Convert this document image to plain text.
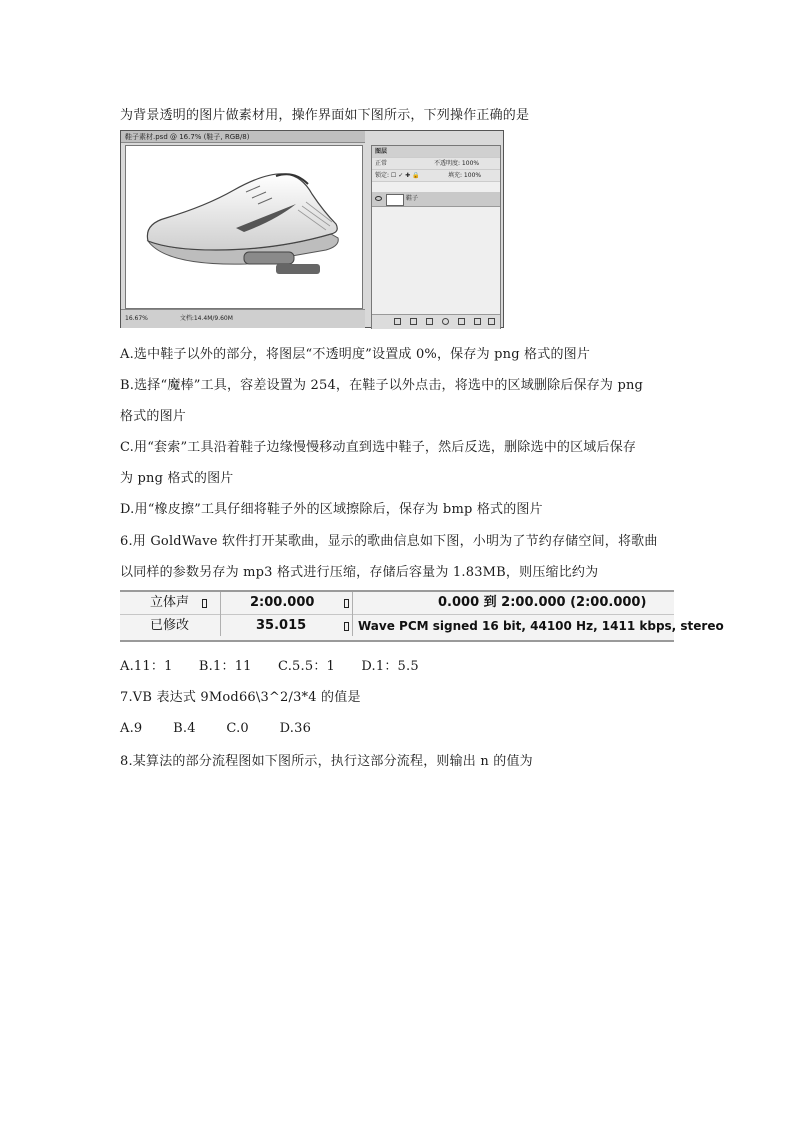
为背景透明的图片做素材用，操作界面如下图所示，下列操作正确的是
鞋子素材.psd @ 16.7% (鞋子, RGB/8)
16.67%	文档:14.4M/9.60M
图层
正常	不透明度: 100%
锁定: ☐ ✓ ✚ 🔒	填充: 100%
鞋子
A.选中鞋子以外的部分，将图层“不透明度”设置成 0%，保存为 png 格式的图片
B.选择“魔棒”工具，容差设置为 254，在鞋子以外点击，将选中的区域删除后保存为 png
格式的图片
C.用“套索”工具沿着鞋子边缘慢慢移动直到选中鞋子，然后反选，删除选中的区域后保存
为 png 格式的图片
D.用“橡皮擦”工具仔细将鞋子外的区域擦除后，保存为 bmp 格式的图片
6.用 GoldWave 软件打开某歌曲，显示的歌曲信息如下图，小明为了节约存储空间，将歌曲
以同样的参数另存为 mp3 格式进行压缩，存储后容量为 1.83MB，则压缩比约为
立体声	2:00.000	0.000 到 2:00.000 (2:00.000)
已修改	35.015	Wave PCM signed 16 bit, 44100 Hz, 1411 kbps, stereo
A.11：1　　B.1：11　　C.5.5：1　　D.1：5.5
7.VB 表达式 9Mod66\3^2/3*4 的值是
A.9　　 B.4　　 C.0　　 D.36
8.某算法的部分流程图如下图所示，执行这部分流程，则输出 n 的值为
